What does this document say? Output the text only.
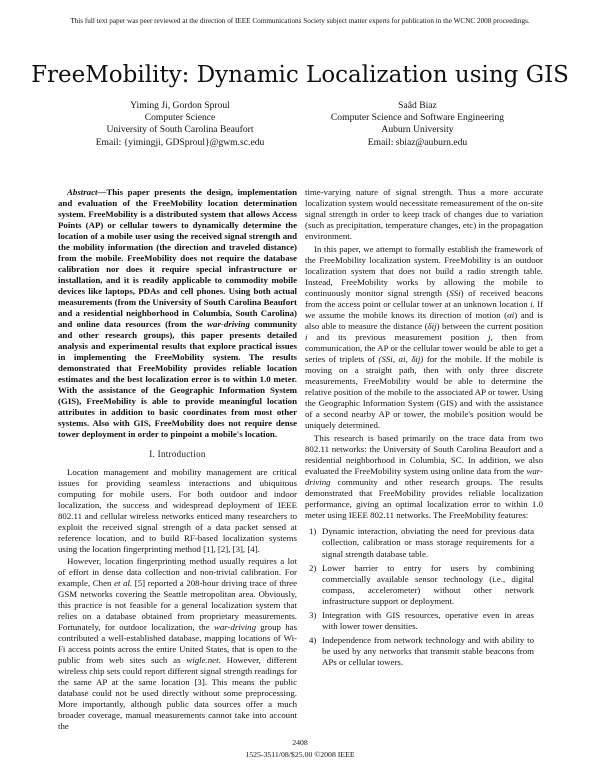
This full text paper was peer reviewed at the direction of IEEE Communications Society subject matter experts for publication in the WCNC 2008 proceedings.
FreeMobility: Dynamic Localization using GIS
Yiming Ji, Gordon Sproul
Computer Science
University of South Carolina Beaufort
Email: {yimingji, GDSproul}@gwm.sc.edu
Saâd Biaz
Computer Science and Software Engineering
Auburn University
Email: sbiaz@auburn.edu

Abstract—This paper presents the design, implementation and evaluation of the FreeMobility location determination system. FreeMobility is a distributed system that allows Access Points (AP) or cellular towers to dynamically determine the location of a mobile user using the received signal strength and the mobility information (the direction and traveled distance) from the mobile. FreeMobility does not require the database calibration nor does it require special infrastructure or installation, and it is readily applicable to commodity mobile devices like laptops, PDAs and cell phones. Using both actual measurements (from the University of South Carolina Beaufort and a residential neighborhood in Columbia, South Carolina) and online data resources (from the war-driving community and other research groups), this paper presents detailed analysis and experimental results that explore practical issues in implementing the FreeMobility system. The results demonstrated that FreeMobility provides reliable location estimates and the best localization error is to within 1.0 meter. With the assistance of the Geographic Information System (GIS), FreeMobility is able to provide meaningful location attributes in addition to basic coordinates from most other systems. Also with GIS, FreeMobility does not require dense tower deployment in order to pinpoint a mobile's location.

I. Introduction

Location management and mobility management are critical issues for providing seamless interactions and ubiquitous computing for mobile users. For both outdoor and indoor localization, the success and widespread deployment of IEEE 802.11 and cellular wireless networks enticed many researchers to exploit the received signal strength of a data packet sensed at reference location, and to build RF-based localization systems using the location fingerprinting method [1], [2], [3], [4].

However, location fingerprinting method usually requires a lot of effort in dense data collection and non-trivial calibration. For example, Chen et al. [5] reported a 208-hour driving trace of three GSM networks covering the Seattle metropolitan area. Obviously, this practice is not feasible for a general localization system that relies on a database obtained from proprietary measurements. Fortunately, for outdoor localization, the war-driving group has contributed a well-established database, mapping locations of Wi-Fi access points across the entire United States, that is open to the public from web sites such as wigle.net. However, different wireless chip sets could report different signal strength readings for the same AP at the same location [3]. This means the public database could not be used directly without some preprocessing. More importantly, although public data sources offer a much broader coverage, manual measurements cannot take into account the

time-varying nature of signal strength. Thus a more accurate localization system would necessitate remeasurement of the on-site signal strength in order to keep track of changes due to variation (such as precipitation, temperature changes, etc) in the propagation environment.

In this paper, we attempt to formally establish the framework of the FreeMobility localization system. FreeMobility is an outdoor localization system that does not build a radio strength table. Instead, FreeMobility works by allowing the mobile to continuously monitor signal strength (SSi) of received beacons from the access point or cellular tower at an unknown location i. If we assume the mobile knows its direction of motion (αi) and is also able to measure the distance (δij) between the current position i and its previous measurement position j, then from communication, the AP or the cellular tower would be able to get a series of triplets of (SSi, αi, δij) for the mobile. If the mobile is moving on a straight path, then with only three discrete measurements, FreeMobility would be able to determine the relative position of the mobile to the associated AP or tower. Using the Geographic Information System (GIS) and with the assistance of a second nearby AP or tower, the mobile's position would be uniquely determined.

This research is based primarily on the trace data from two 802.11 networks: the University of South Carolina Beaufort and a residential neighborhood in Columbia, SC. In addition, we also evaluated the FreeMobility system using online data from the war-driving community and other research groups. The results demonstrated that FreeMobility provides reliable localization performance, giving an optimal localization error to within 1.0 meter using IEEE 802.11 networks. The FreeMobility features:

1) Dynamic interaction, obviating the need for previous data collection, calibration or mass storage requirements for a signal strength database table.
2) Lower barrier to entry for users by combining commercially available sensor technology (i.e., digital compass, accelerometer) without other network infrastructure support or deployment.
3) Integration with GIS resources, operative even in areas with lower tower densities.
4) Independence from network technology and with ability to be used by any networks that transmit stable beacons from APs or cellular towers.
2408
1525-3511/08/$25.00 ©2008 IEEE
